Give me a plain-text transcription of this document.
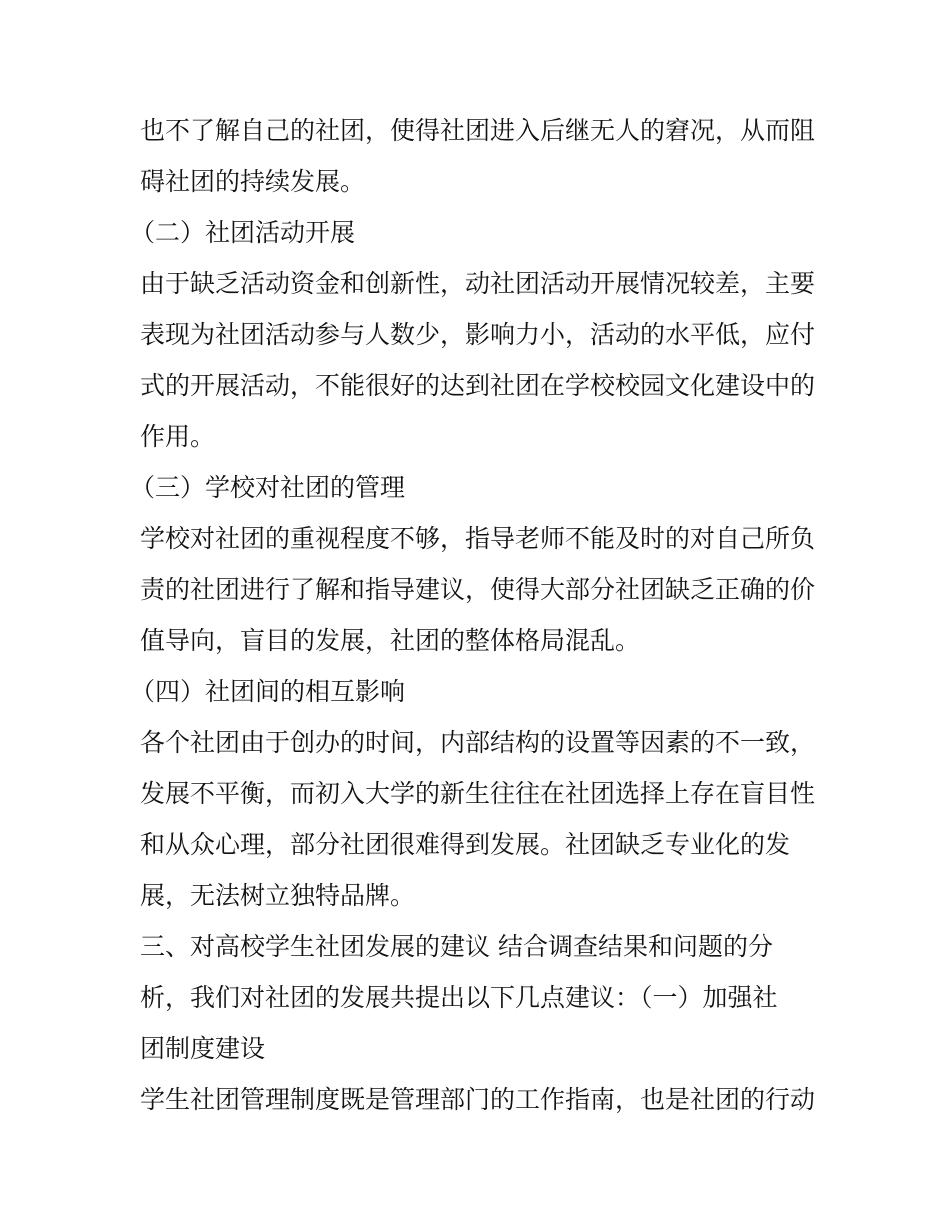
也不了解自己的社团，使得社团进入后继无人的窘况，从而阻
碍社团的持续发展。
（二）社团活动开展
由于缺乏活动资金和创新性，动社团活动开展情况较差，主要
表现为社团活动参与人数少，影响力小，活动的水平低，应付
式的开展活动，不能很好的达到社团在学校校园文化建设中的
作用。
（三）学校对社团的管理
学校对社团的重视程度不够，指导老师不能及时的对自己所负
责的社团进行了解和指导建议，使得大部分社团缺乏正确的价
值导向，盲目的发展，社团的整体格局混乱。
（四）社团间的相互影响
各个社团由于创办的时间，内部结构的设置等因素的不一致，
发展不平衡，而初入大学的新生往往在社团选择上存在盲目性
和从众心理，部分社团很难得到发展。社团缺乏专业化的发
展，无法树立独特品牌。
三、对高校学生社团发展的建议 结合调查结果和问题的分
析，我们对社团的发展共提出以下几点建议：（一）加强社
团制度建设
学生社团管理制度既是管理部门的工作指南，也是社团的行动
